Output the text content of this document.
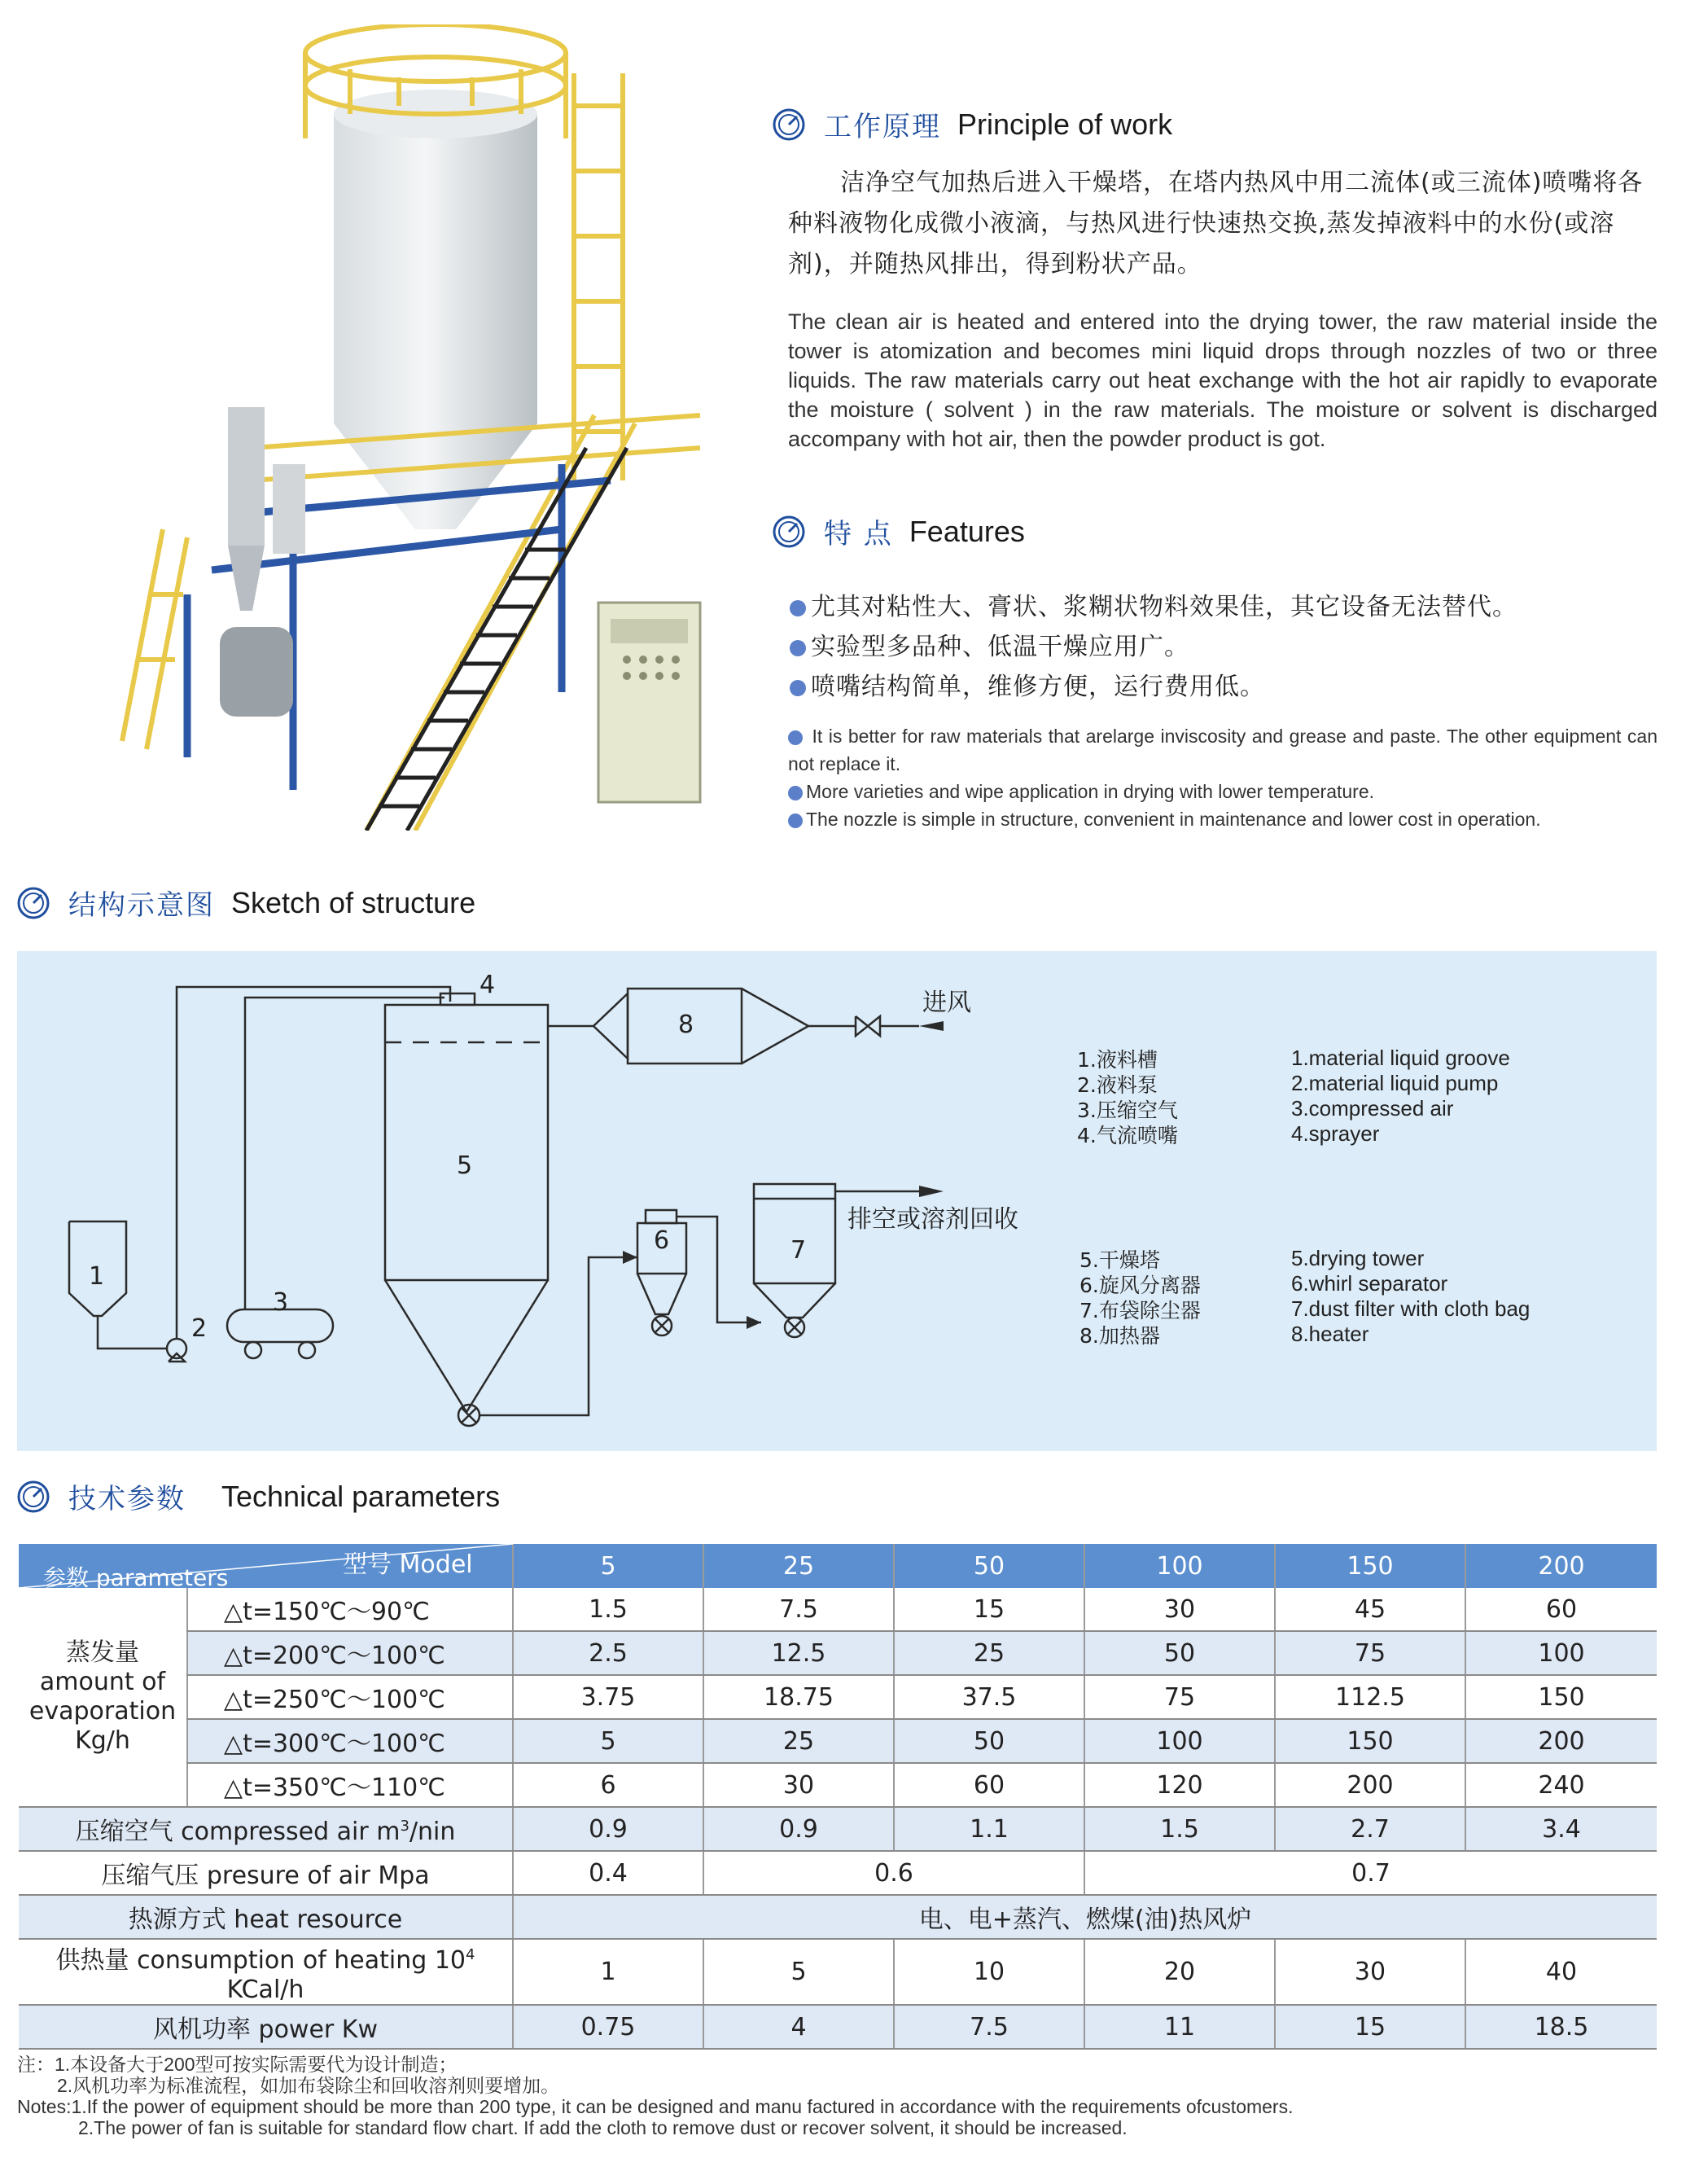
工作原理 Principle of work
洁净空气加热后进入干燥塔，在塔内热风中用二流体(或三流体)喷嘴将各种料液物化成微小液滴，与热风进行快速热交换,蒸发掉液料中的水份(或溶剂)，并随热风排出，得到粉状产品。
The clean air is heated and entered into the drying tower, the raw material inside the tower is atomization and becomes mini liquid drops through nozzles of two or three liquids. The raw materials carry out heat exchange with the hot air rapidly to evaporate the moisture ( solvent ) in the raw materials. The moisture or solvent is discharged accompany with hot air, then the powder product is got.
特 点 Features
尤其对粘性大、膏状、浆糊状物料效果佳，其它设备无法替代。
实验型多品种、低温干燥应用广。
喷嘴结构简单，维修方便，运行费用低。
It is better for raw materials that arelarge inviscosity and grease and paste. The other equipment can not replace it.
More varieties and wipe application in drying with lower temperature.
The nozzle is simple in structure, convenient in maintenance and lower cost in operation.
结构示意图 Sketch of structure
1
2
3
4
5
6	7
8
进风
排空或溶剂回收
1.液料槽
2.液料泵
3.压缩空气
4.气流喷嘴
1.material liquid groove
2.material liquid pump
3.compressed air
4.sprayer
5.干燥塔
6.旋风分离器
7.布袋除尘器
8.加热器
5.drying tower
6.whirl separator
7.dust filter with cloth bag
8.heater
技术参数 Technical parameters
参数 parameters 型号 Model		5	25	50	100	150	200

蒸发量
amount of
evaporation
Kg/h	△t=150℃～90℃	1.5	7.5	15	30	45	60
	△t=200℃～100℃	2.5	12.5	25	50	75	100
	△t=250℃～100℃	3.75	18.75	37.5	75	112.5	150
	△t=300℃～100℃	5	25	50	100	150	200
	△t=350℃～110℃	6	30	60	120	200	240
压缩空气 compressed air $m^3$/nin		0.9	0.9	1.1	1.5	2.7	3.4
压缩气压 presure of air Mpa		0.4	0.6		0.7		
热源方式 heat resource		电、电+蒸汽、燃煤(油)热风炉					
供热量 consumption of heating $10^4$ KCal/h		1	5	10	20	30	40
风机功率 power Kw		0.75	4	7.5	11	15	18.5
注：1.本设备大于200型可按实际需要代为设计制造；
2.风机功率为标准流程，如加布袋除尘和回收溶剂则要增加。
Notes:1.If the power of equipment should be more than 200 type, it can be designed and manu factured in accordance with the requirements ofcustomers.
2.The power of fan is suitable for standard flow chart. If add the cloth to remove dust or recover solvent, it should be increased.
